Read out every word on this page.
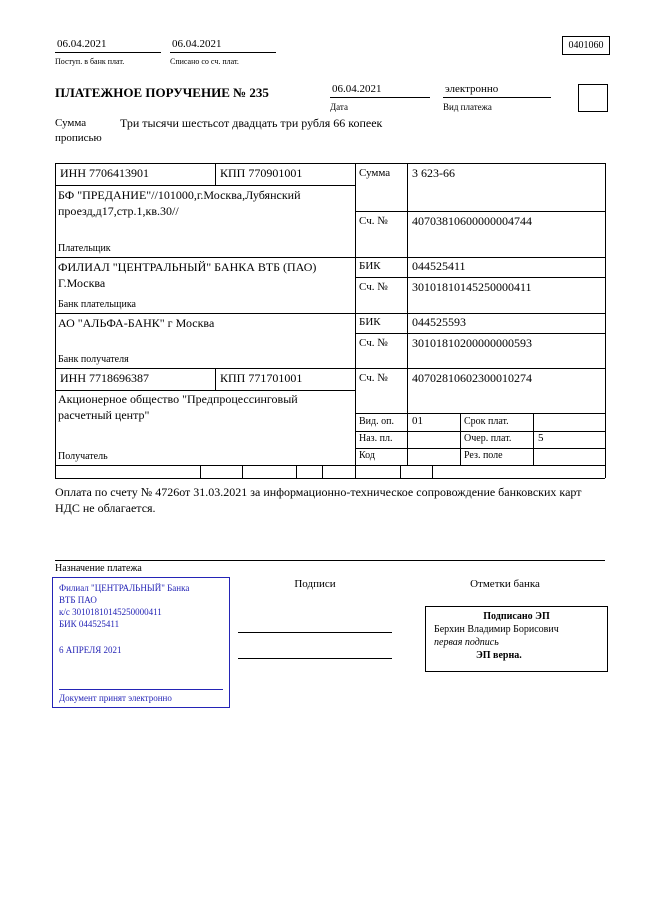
06.04.2021
Поступ. в банк плат.
06.04.2021
Списано со сч. плат.
0401060
ПЛАТЕЖНОЕ ПОРУЧЕНИЕ № 235	06.04.2021
Дата
электронно
Вид платежа
Сумма прописью
Три тысячи шестьсот двадцать три рубля 66 копеек
ИНН 7706413901	КПП 770901001	Сумма 3 623-66
БФ "ПРЕДАНИЕ"//101000,г.Москва,Лубянский проезд,д17,стр.1,кв.30//
Сч. № 40703810600000004744
Плательщик
ФИЛИАЛ "ЦЕНТРАЛЬНЫЙ" БАНКА ВТБ (ПАО) Г.Москва
БИК	044525411
Сч. № 30101810145250000411
Банк плательщика
АО "АЛЬФА-БАНК" г Москва	БИК	044525593
Сч. № 30101810200000000593
Банк получателя
ИНН 7718696387	КПП 771701001	Сч. № 40702810602300010274
Акционерное общество "Предпроцессинговый расчетный центр"	Вид. оп. 01	Срок плат.
Наз. пл.	Очер. плат. 5
Код	Рез. поле
Получатель
Оплата по счету № 4726от 31.03.2021 за информационно-техническое сопровождение банковских карт НДС не облагается.
Назначение платежа
Подписи	Отметки банка
Филиал "ЦЕНТРАЛЬНЫЙ" Банка
ВТБ ПАО
к/с 30101810145250000411
БИК 044525411
6 АПРЕЛЯ 2021
Документ принят электронно
Подписано ЭП
Берхин Владимир Борисович
первая подпись
ЭП верна.
